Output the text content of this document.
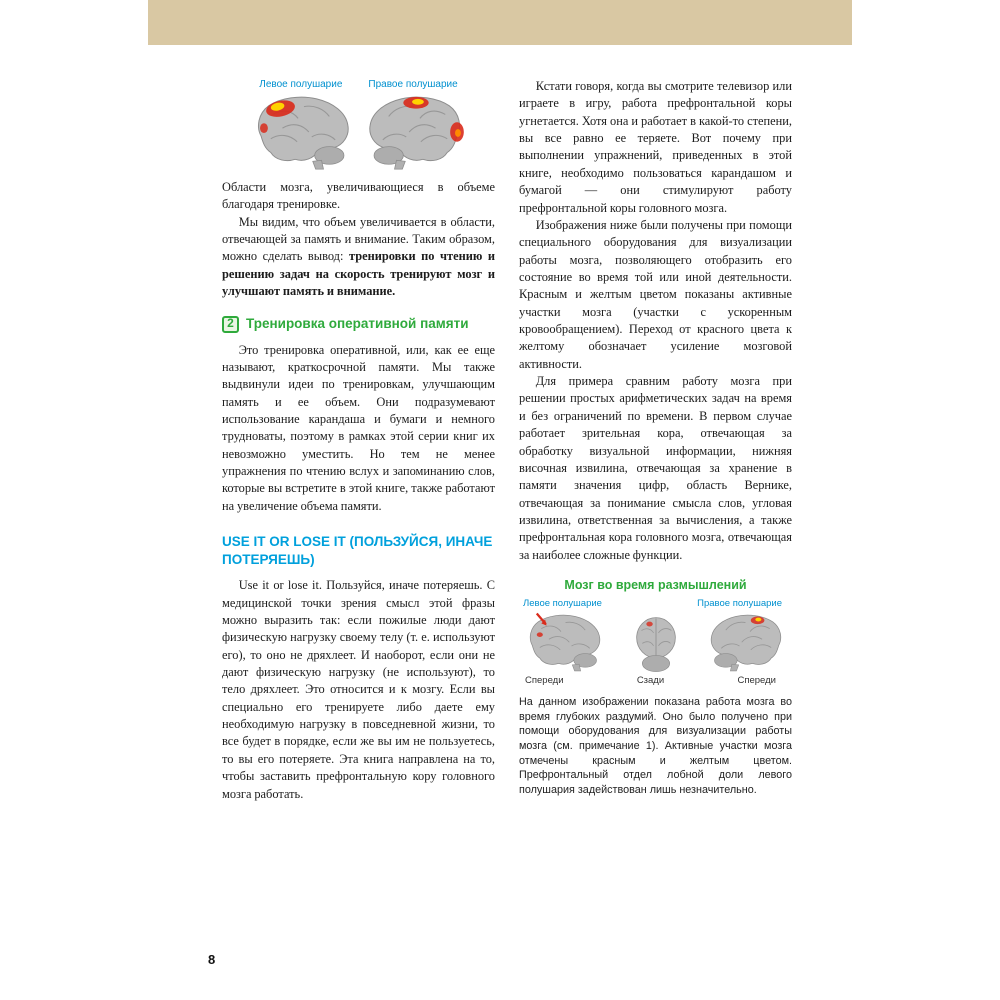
Левое полушарие	Правое полушарие

Области мозга, увеличивающиеся в объеме благодаря тренировке.

Мы видим, что объем увеличивается в области, отвечающей за память и внимание. Таким образом, можно сделать вывод: тренировки по чтению и решению задач на скорость тренируют мозг и улучшают память и внимание.

2 Тренировка оперативной памяти

Это тренировка оперативной, или, как ее еще называют, краткосрочной памяти. Мы также выдвинули идеи по тренировкам, улучшающим память и ее объем. Они подразумевают использование карандаша и бумаги и немного трудноваты, поэтому в рамках этой серии книг их невозможно уместить. Но тем не менее упражнения по чтению вслух и запоминанию слов, которые вы встретите в этой книге, также работают на увеличение объема памяти.

USE IT OR LOSE IT (ПОЛЬЗУЙСЯ, ИНАЧЕ ПОТЕРЯЕШЬ)

Use it or lose it. Пользуйся, иначе потеряешь. С медицинской точки зрения смысл этой фразы можно выразить так: если пожилые люди дают физическую нагрузку своему телу (т. е. используют его), то оно не дряхлеет. И наоборот, если они не дают физическую нагрузку (не используют), то тело дряхлеет. Это относится и к мозгу. Если вы специально его тренируете либо даете ему необходимую нагрузку в повседневной жизни, то все будет в порядке, если же вы им не пользуетесь, то вы его потеряете. Эта книга направлена на то, чтобы заставить префронтальную кору головного мозга работать.

Кстати говоря, когда вы смотрите телевизор или играете в игру, работа префронтальной коры угнетается. Хотя она и работает в какой-то степени, вы все равно ее теряете. Вот почему при выполнении упражнений, приведенных в этой книге, необходимо пользоваться карандашом и бумагой — они стимулируют работу префронтальной коры головного мозга.

Изображения ниже были получены при помощи специального оборудования для визуализации работы мозга, позволяющего отобразить его состояние во время той или иной деятельности. Красным и желтым цветом показаны активные участки мозга (участки с ускоренным кровообращением). Переход от красного цвета к желтому обозначает усиление мозговой активности.

Для примера сравним работу мозга при решении простых арифметических задач на время и без ограничений по времени. В первом случае работает зрительная кора, отвечающая за обработку визуальной информации, нижняя височная извилина, отвечающая за хранение в памяти значения цифр, область Вернике, отвечающая за понимание смысла слов, угловая извилина, ответственная за вычисления, а также префронтальная кора головного мозга, отвечающая за наиболее сложные функции.

Мозг во время размышлений
Левое полушарие	Правое полушарие
Спереди	Сзади	Спереди

На данном изображении показана работа мозга во время глубоких раздумий. Оно было получено при помощи оборудования для визуализации работы мозга (см. примечание 1). Активные участки мозга отмечены красным и желтым цветом. Префронтальный отдел лобной доли левого полушария задействован лишь незначительно.

8
